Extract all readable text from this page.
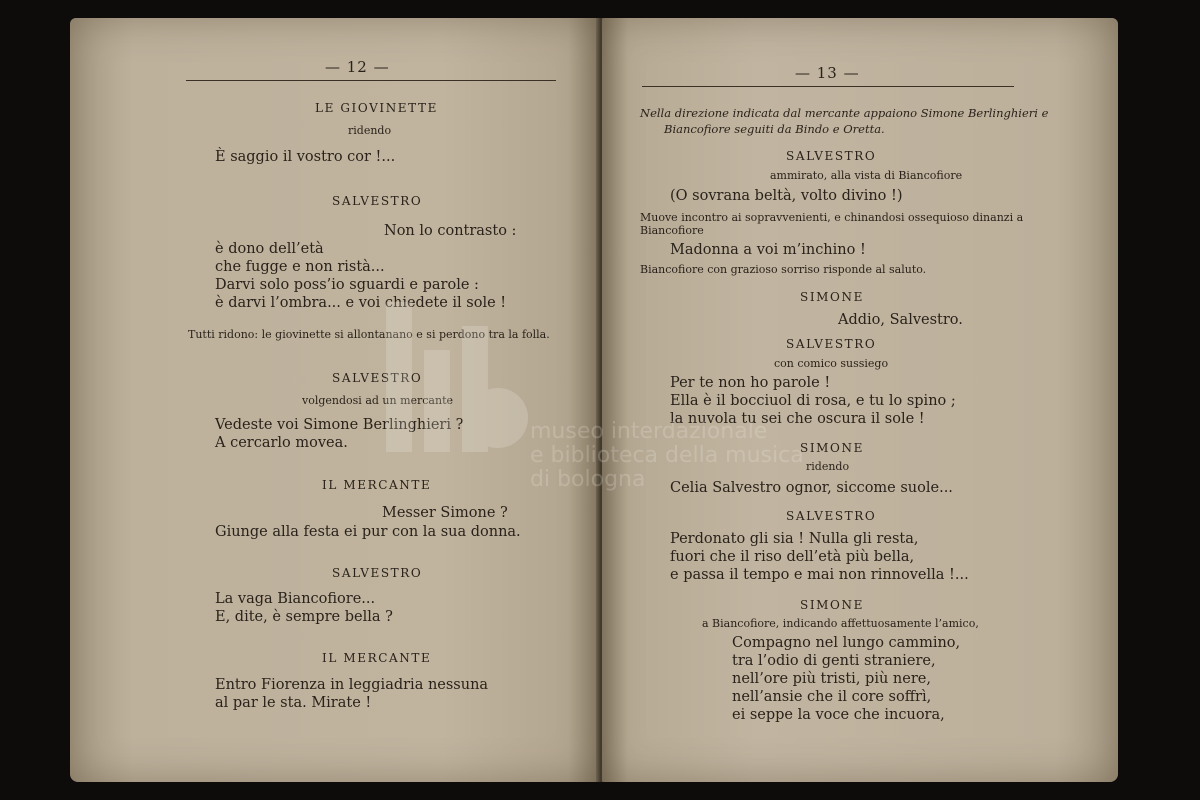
— 12 —
LE GIOVINETTE
ridendo
È saggio il vostro cor !...
SALVESTRO
Non lo contrasto :
è dono dell’età
che fugge e non ristà...
Darvi solo poss’io sguardi e parole :
è darvi l’ombra... e voi chiedete il sole !
Tutti ridono: le giovinette si allontanano e si perdono tra la folla.
SALVESTRO
volgendosi ad un mercante
Vedeste voi Simone Berlinghieri ?
A cercarlo movea.
IL MERCANTE
Messer Simone ?
Giunge alla festa ei pur con la sua donna.
SALVESTRO
La vaga Biancofiore...
E, dite, è sempre bella ?
IL MERCANTE
Entro Fiorenza in leggiadria nessuna
al par le sta. Mirate !
— 13 —
Nella direzione indicata dal mercante appaiono Simone Berlinghieri e
Biancofiore seguiti da Bindo e Oretta.
SALVESTRO
ammirato, alla vista di Biancofiore
(O sovrana beltà, volto divino !)
Muove incontro ai sopravvenienti, e chinandosi ossequioso dinanzi a
Biancofiore
Madonna a voi m’inchino !
Biancofiore con grazioso sorriso risponde al saluto.
SIMONE
Addio, Salvestro.
SALVESTRO
con comico sussiego
Per te non ho parole !
Ella è il bocciuol di rosa, e tu lo spino ;
la nuvola tu sei che oscura il sole !
SIMONE
ridendo
Celia Salvestro ognor, siccome suole...
SALVESTRO
Perdonato gli sia ! Nulla gli resta,
fuori che il riso dell’età più bella,
e passa il tempo e mai non rinnovella !...
SIMONE
a Biancofiore, indicando affettuosamente l’amico,
Compagno nel lungo cammino,
tra l’odio di genti straniere,
nell’ore più tristi, più nere,
nell’ansie che il core soffrì,
ei seppe la voce che incuora,
museo interdazionale
e biblioteca della musica
di bologna
